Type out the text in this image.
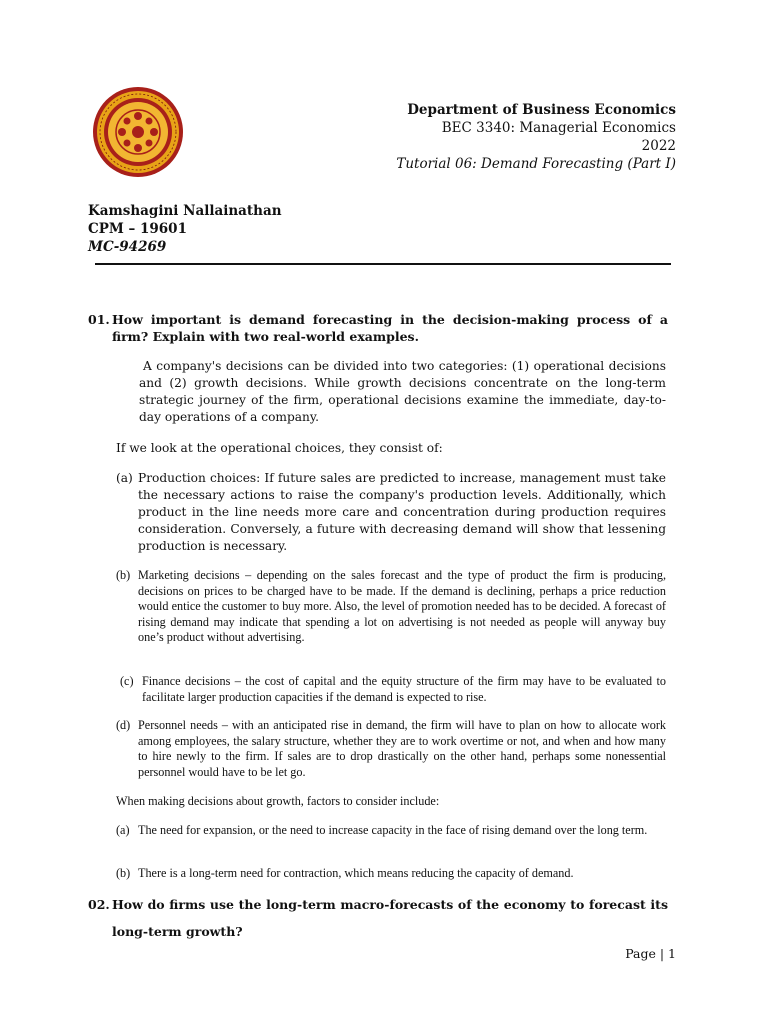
Department of Business Economics
BEC 3340: Managerial Economics
2022
Tutorial 06: Demand Forecasting (Part I)
Kamshagini Nallainathan
CPM – 19601
MC-94269
01. How important is demand forecasting in the decision-making process of a firm? Explain with two real-world examples.
A company's decisions can be divided into two categories: (1) operational decisions and (2) growth decisions. While growth decisions concentrate on the long-term strategic journey of the firm, operational decisions examine the immediate, day-to-day operations of a company.
If we look at the operational choices, they consist of:
(a) Production choices: If future sales are predicted to increase, management must take the necessary actions to raise the company's production levels. Additionally, which product in the line needs more care and concentration during production requires consideration. Conversely, a future with decreasing demand will show that lessening production is necessary.
(b) Marketing decisions – depending on the sales forecast and the type of product the firm is producing, decisions on prices to be charged have to be made. If the demand is declining, perhaps a price reduction would entice the customer to buy more. Also, the level of promotion needed has to be decided. A forecast of rising demand may indicate that spending a lot on advertising is not needed as people will anyway buy one’s product without advertising.
(c) Finance decisions – the cost of capital and the equity structure of the firm may have to be evaluated to facilitate larger production capacities if the demand is expected to rise.
(d) Personnel needs – with an anticipated rise in demand, the firm will have to plan on how to allocate work among employees, the salary structure, whether they are to work overtime or not, and when and how many to hire newly to the firm. If sales are to drop drastically on the other hand, perhaps some nonessential personnel would have to be let go.
When making decisions about growth, factors to consider include:
(a) The need for expansion, or the need to increase capacity in the face of rising demand over the long term.
(b) There is a long-term need for contraction, which means reducing the capacity of demand.
02. How do firms use the long-term macro-forecasts of the economy to forecast its long-term growth?
Page | 1
